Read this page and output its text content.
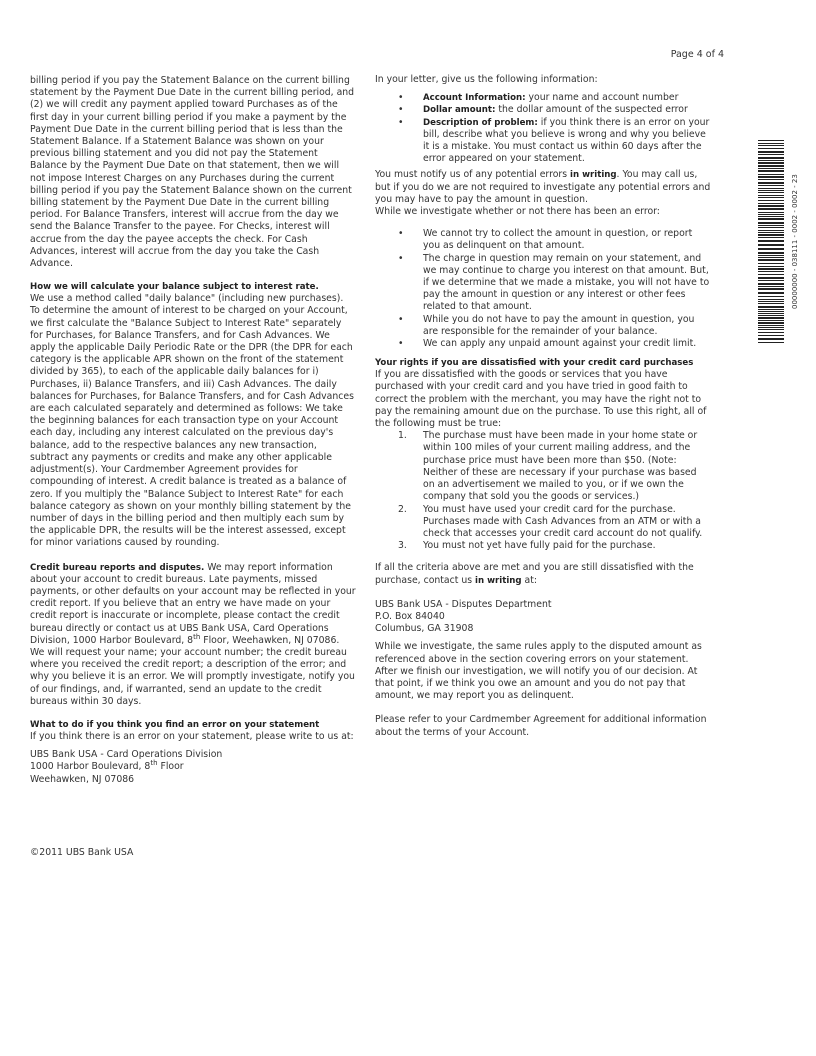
Page 4 of 4

billing period if you pay the Statement Balance on the current billing statement by the Payment Due Date in the current billing period, and (2) we will credit any payment applied toward Purchases as of the first day in your current billing period if you make a payment by the Payment Due Date in the current billing period that is less than the Statement Balance. If a Statement Balance was shown on your previous billing statement and you did not pay the Statement Balance by the Payment Due Date on that statement, then we will not impose Interest Charges on any Purchases during the current billing period if you pay the Statement Balance shown on the current billing statement by the Payment Due Date in the current billing period. For Balance Transfers, interest will accrue from the day we send the Balance Transfer to the payee. For Checks, interest will accrue from the day the payee accepts the check. For Cash Advances, interest will accrue from the day you take the Cash Advance.

How we will calculate your balance subject to interest rate.

We use a method called "daily balance" (including new purchases). To determine the amount of interest to be charged on your Account, we first calculate the "Balance Subject to Interest Rate" separately for Purchases, for Balance Transfers, and for Cash Advances. We apply the applicable Daily Periodic Rate or the DPR (the DPR for each category is the applicable APR shown on the front of the statement divided by 365), to each of the applicable daily balances for i) Purchases, ii) Balance Transfers, and iii) Cash Advances. The daily balances for Purchases, for Balance Transfers, and for Cash Advances are each calculated separately and determined as follows: We take the beginning balances for each transaction type on your Account each day, including any interest calculated on the previous day's balance, add to the respective balances any new transaction, subtract any payments or credits and make any other applicable adjustment(s). Your Cardmember Agreement provides for compounding of interest. A credit balance is treated as a balance of zero. If you multiply the "Balance Subject to Interest Rate" for each balance category as shown on your monthly billing statement by the number of days in the billing period and then multiply each sum by the applicable DPR, the results will be the interest assessed, except for minor variations caused by rounding.

Credit bureau reports and disputes. We may report information about your account to credit bureaus. Late payments, missed payments, or other defaults on your account may be reflected in your credit report. If you believe that an entry we have made on your credit report is inaccurate or incomplete, please contact the credit bureau directly or contact us at UBS Bank USA, Card Operations Division, 1000 Harbor Boulevard, 8th Floor, Weehawken, NJ 07086. We will request your name; your account number; the credit bureau where you received the credit report; a description of the error; and why you believe it is an error. We will promptly investigate, notify you of our findings, and, if warranted, send an update to the credit bureaus within 30 days.

What to do if you think you find an error on your statement

If you think there is an error on your statement, please write to us at:

UBS Bank USA - Card Operations Division

1000 Harbor Boulevard, 8th Floor

Weehawken, NJ 07086

In your letter, give us the following information:

• Account Information: your name and account number
• Dollar amount: the dollar amount of the suspected error
• Description of problem: if you think there is an error on your bill, describe what you believe is wrong and why you believe it is a mistake. You must contact us within 60 days after the error appeared on your statement.

You must notify us of any potential errors in writing. You may call us, but if you do we are not required to investigate any potential errors and you may have to pay the amount in question.

While we investigate whether or not there has been an error:

• We cannot try to collect the amount in question, or report you as delinquent on that amount.
• The charge in question may remain on your statement, and we may continue to charge you interest on that amount. But, if we determine that we made a mistake, you will not have to pay the amount in question or any interest or other fees related to that amount.
• While you do not have to pay the amount in question, you are responsible for the remainder of your balance.
• We can apply any unpaid amount against your credit limit.

Your rights if you are dissatisfied with your credit card purchases

If you are dissatisfied with the goods or services that you have purchased with your credit card and you have tried in good faith to correct the problem with the merchant, you may have the right not to pay the remaining amount due on the purchase. To use this right, all of the following must be true:

1. The purchase must have been made in your home state or within 100 miles of your current mailing address, and the purchase price must have been more than $50. (Note: Neither of these are necessary if your purchase was based on an advertisement we mailed to you, or if we own the company that sold you the goods or services.)
2. You must have used your credit card for the purchase. Purchases made with Cash Advances from an ATM or with a check that accesses your credit card account do not qualify.
3. You must not yet have fully paid for the purchase.

If all the criteria above are met and you are still dissatisfied with the purchase, contact us in writing at:

UBS Bank USA - Disputes Department

P.O. Box 84040

Columbus, GA 31908

While we investigate, the same rules apply to the disputed amount as referenced above in the section covering errors on your statement. After we finish our investigation, we will notify you of our decision. At that point, if we think you owe an amount and you do not pay that amount, we may report you as delinquent.

Please refer to your Cardmember Agreement for additional information about the terms of your Account.

©2011 UBS Bank USA
00000000 - 038111 - 0002 - 0002 - 23
